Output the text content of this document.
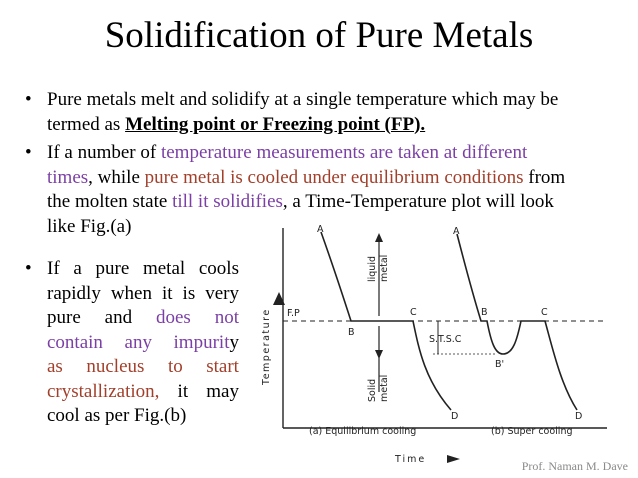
Solidification of Pure Metals
• Pure metals melt and solidify at a single temperature which may be
termed as Melting point or Freezing point (FP).
• If a number of temperature measurements are taken at different
times, while pure metal is cooled under equilibrium conditions from
the molten state till it solidifies, a Time-Temperature plot will look
like Fig.(a)
• If a pure metal cools
rapidly when it is very
pure and does not
contain any impurity
as nucleus to start
crystallization, it may
cool as per Fig.(b)
Temperature
Time
F.P
A
B
C
D
liquid metal
Solid metal
A
B
B'
C
D
S.T.S.C
(a) Equilibrium cooling	(b) Super cooling
Prof. Naman M. Dave
